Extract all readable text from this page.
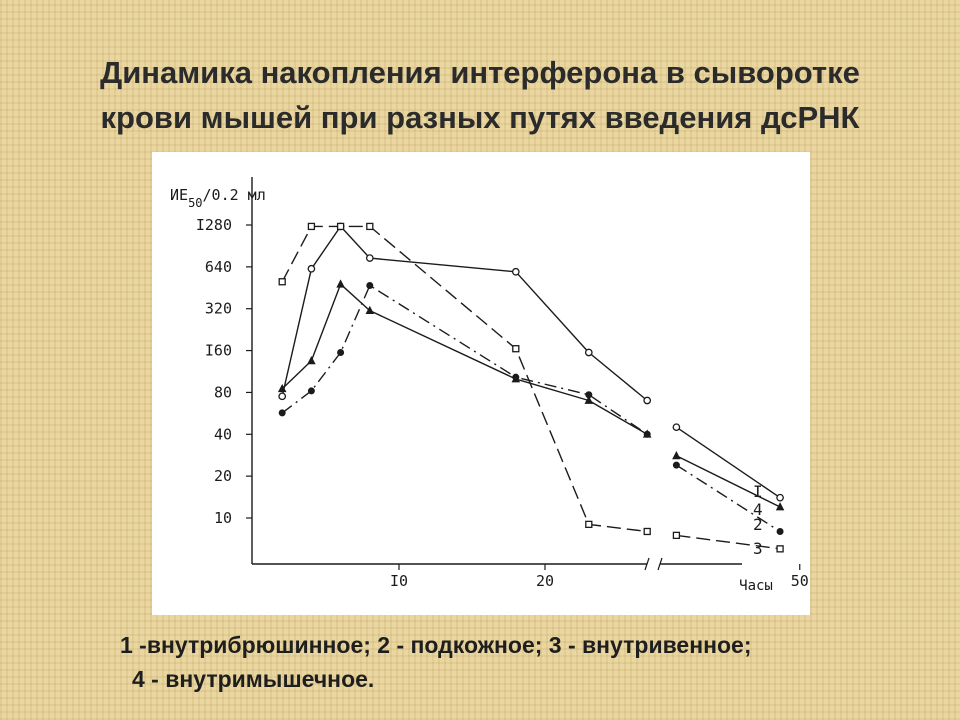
Динамика накопления интерферона в сыворотке
крови мышей при разных путях введения дсРНК
$ИЕ_{50}/0.2$ мл
10
20
40
80
I60
320
640
I280
I0	20	50
Часы
I
4
2
3
1 -внутрибрюшинное; 2 - подкожное; 3 - внутривенное;
4 - внутримышечное.
